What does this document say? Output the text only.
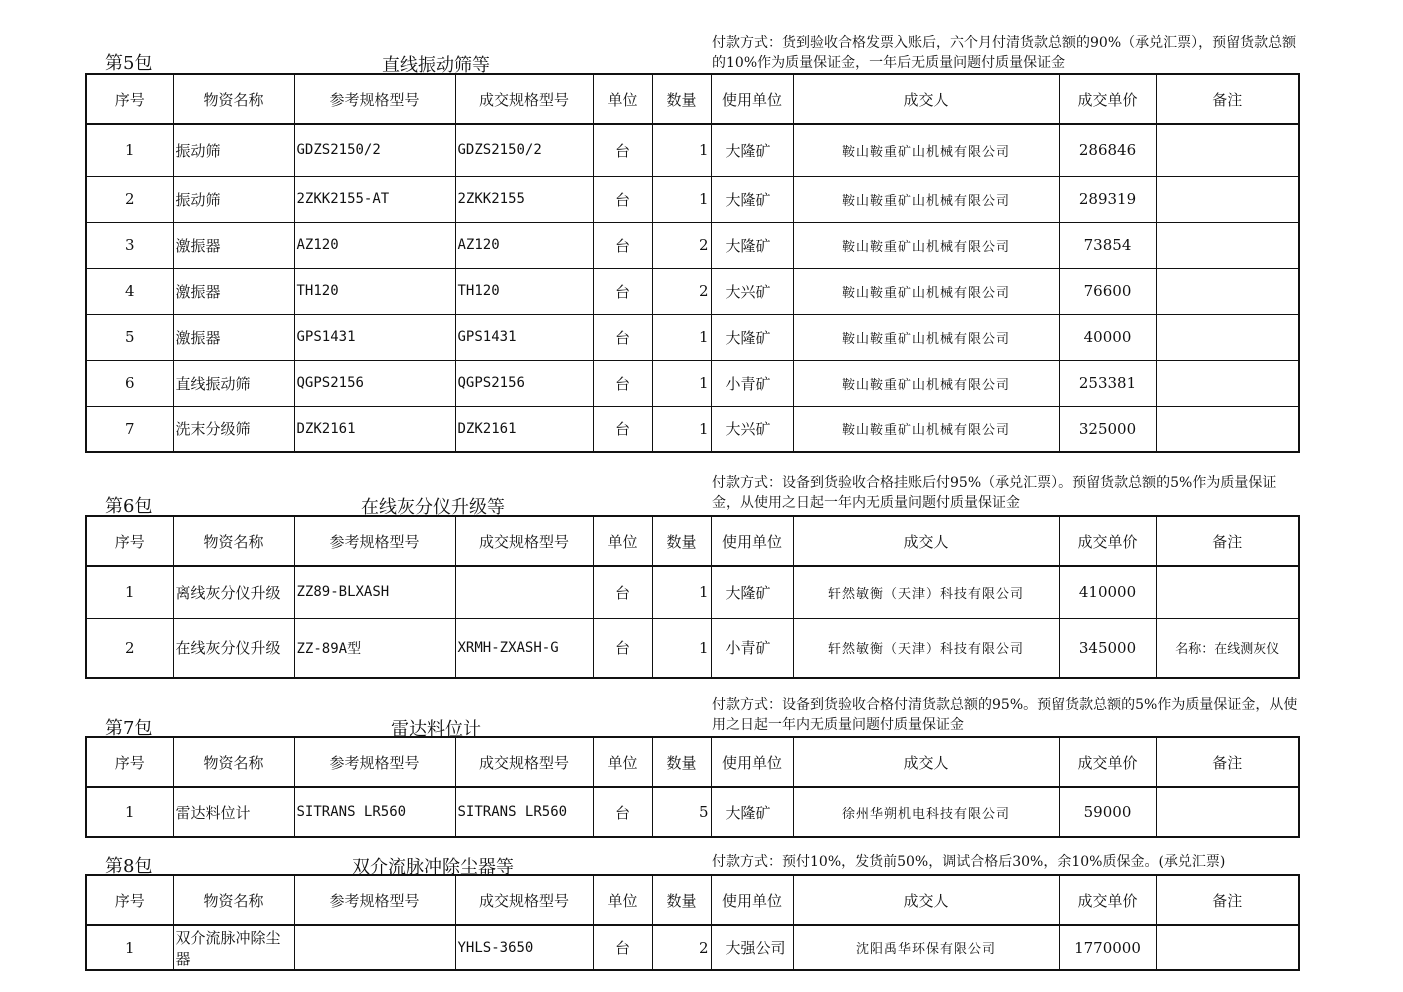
第5包	直线振动筛等
付款方式：货到验收合格发票入账后，六个月付清货款总额的90%（承兑汇票），预留货款总额的10%作为质量保证金，一年后无质量问题付质量保证金
序号	物资名称	参考规格型号	成交规格型号	单位	数量	使用单位	成交人	成交单价	备注
1	振动筛	GDZS2150/2	GDZS2150/2	台	1	大隆矿	鞍山鞍重矿山机械有限公司	286846	
2	振动筛	2ZKK2155-AT	2ZKK2155	台	1	大隆矿	鞍山鞍重矿山机械有限公司	289319	
3	激振器	AZ120	AZ120	台	2	大隆矿	鞍山鞍重矿山机械有限公司	73854	
4	激振器	TH120	TH120	台	2	大兴矿	鞍山鞍重矿山机械有限公司	76600	
5	激振器	GPS1431	GPS1431	台	1	大隆矿	鞍山鞍重矿山机械有限公司	40000	
6	直线振动筛	QGPS2156	QGPS2156	台	1	小青矿	鞍山鞍重矿山机械有限公司	253381	
7	洗末分级筛	DZK2161	DZK2161	台	1	大兴矿	鞍山鞍重矿山机械有限公司	325000	
第6包	在线灰分仪升级等
付款方式：设备到货验收合格挂账后付95%（承兑汇票）。预留货款总额的5%作为质量保证金，从使用之日起一年内无质量问题付质量保证金
序号	物资名称	参考规格型号	成交规格型号	单位	数量	使用单位	成交人	成交单价	备注
1	离线灰分仪升级	ZZ89-BLXASH		台	1	大隆矿	轩然敏衡（天津）科技有限公司	410000	
2	在线灰分仪升级	ZZ-89A型	XRMH-ZXASH-G	台	1	小青矿	轩然敏衡（天津）科技有限公司	345000	名称：在线测灰仪
第7包	雷达料位计
付款方式：设备到货验收合格付清货款总额的95%。预留货款总额的5%作为质量保证金，从使用之日起一年内无质量问题付质量保证金
序号	物资名称	参考规格型号	成交规格型号	单位	数量	使用单位	成交人	成交单价	备注
1	雷达料位计	SITRANS LR560	SITRANS LR560	台	5	大隆矿	徐州华朔机电科技有限公司	59000	
第8包	双介流脉冲除尘器等	付款方式：预付10%，发货前50%，调试合格后30%，余10%质保金。(承兑汇票)
序号	物资名称	参考规格型号	成交规格型号	单位	数量	使用单位	成交人	成交单价	备注
1	双介流脉冲除尘器		YHLS-3650	台	2	大强公司	沈阳禹华环保有限公司	1770000	
